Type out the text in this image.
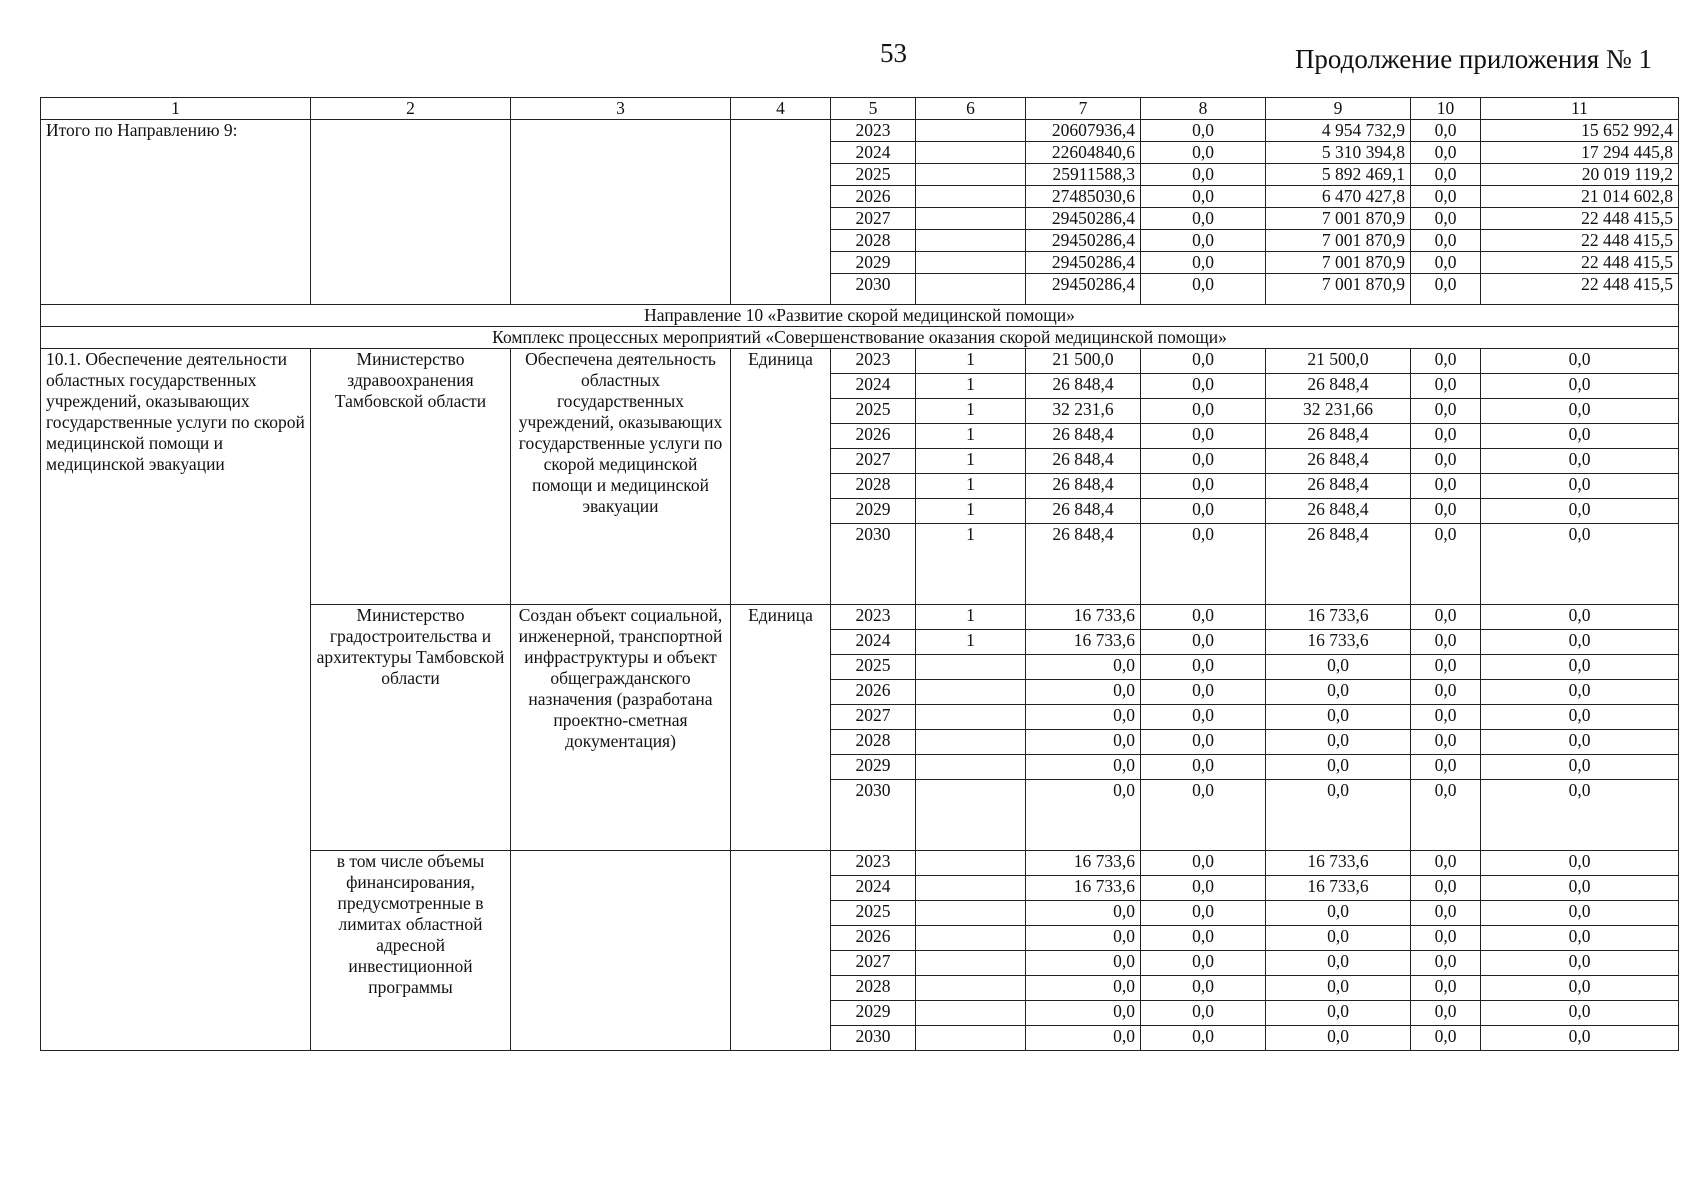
53	Продолжение приложения № 1
1	2	3	4	5	6	7	8	9	10	11
Итого по Направлению 9:				2023		20607936,4	0,0	4 954 732,9	0,0	15 652 992,4
				2024		22604840,6	0,0	5 310 394,8	0,0	17 294 445,8
				2025		25911588,3	0,0	5 892 469,1	0,0	20 019 119,2
				2026		27485030,6	0,0	6 470 427,8	0,0	21 014 602,8
				2027		29450286,4	0,0	7 001 870,9	0,0	22 448 415,5
				2028		29450286,4	0,0	7 001 870,9	0,0	22 448 415,5
				2029		29450286,4	0,0	7 001 870,9	0,0	22 448 415,5
				2030		29450286,4	0,0	7 001 870,9	0,0	22 448 415,5
Направление 10 «Развитие скорой медицинской помощи»										
Комплекс процессных мероприятий «Совершенствование оказания скорой медицинской помощи»										
10.1. Обеспечение деятельности областных государственных учреждений, оказывающих государственные услуги по скорой медицинской помощи и медицинской эвакуации	Министерство здравоохранения Тамбовской области	Обеспечена деятельность областных государственных учреждений, оказывающих государственные услуги по скорой медицинской помощи и медицинской эвакуации	Единица	2023	1	21 500,0	0,0	21 500,0	0,0	0,0
				2024	1	26 848,4	0,0	26 848,4	0,0	0,0
				2025	1	32 231,6	0,0	32 231,66	0,0	0,0
				2026	1	26 848,4	0,0	26 848,4	0,0	0,0
				2027	1	26 848,4	0,0	26 848,4	0,0	0,0
				2028	1	26 848,4	0,0	26 848,4	0,0	0,0
				2029	1	26 848,4	0,0	26 848,4	0,0	0,0
				2030	1	26 848,4	0,0	26 848,4	0,0	0,0
	Министерство градостроительства и архитектуры Тамбовской области	Создан объект социальной, инженерной, транспортной инфраструктуры и объект общегражданского назначения (разработана проектно-сметная документация)	Единица	2023	1	16 733,6	0,0	16 733,6	0,0	0,0
				2024	1	16 733,6	0,0	16 733,6	0,0	0,0
				2025		0,0	0,0	0,0	0,0	0,0
				2026		0,0	0,0	0,0	0,0	0,0
				2027		0,0	0,0	0,0	0,0	0,0
				2028		0,0	0,0	0,0	0,0	0,0
				2029		0,0	0,0	0,0	0,0	0,0
				2030		0,0	0,0	0,0	0,0	0,0
	в том числе объемы финансирования, предусмотренные в лимитах областной адресной инвестиционной программы			2023		16 733,6	0,0	16 733,6	0,0	0,0
				2024		16 733,6	0,0	16 733,6	0,0	0,0
				2025		0,0	0,0	0,0	0,0	0,0
				2026		0,0	0,0	0,0	0,0	0,0
				2027		0,0	0,0	0,0	0,0	0,0
				2028		0,0	0,0	0,0	0,0	0,0
				2029		0,0	0,0	0,0	0,0	0,0
				2030		0,0	0,0	0,0	0,0	0,0
